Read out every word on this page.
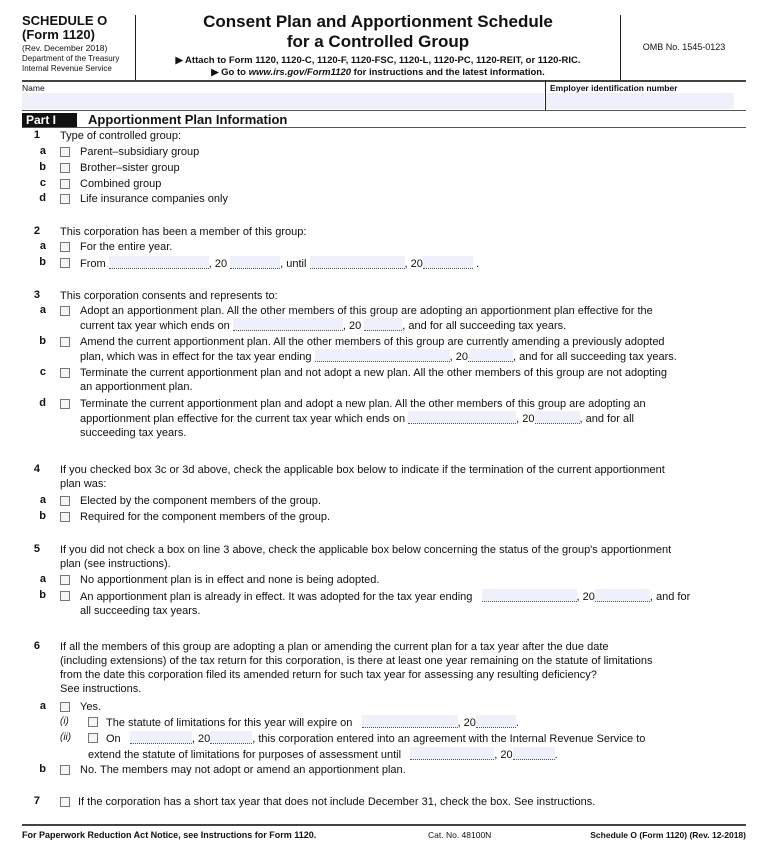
SCHEDULE O
(Form 1120)
(Rev. December 2018)
Department of the Treasury
Internal Revenue Service
Consent Plan and Apportionment Schedule
for a Controlled Group
▶ Attach to Form 1120, 1120-C, 1120-F, 1120-FSC, 1120-L, 1120-PC, 1120-REIT, or 1120-RIC.
▶ Go to www.irs.gov/Form1120 for instructions and the latest information.
OMB No. 1545-0123
Name	Employer identification number
Part I	Apportionment Plan Information
1 Type of controlled group:
a	Parent–subsidiary group
b	Brother–sister group
c	Combined group
d	Life insurance companies only
2 This corporation has been a member of this group:
a	For the entire year.
b	From	, 20	, until	, 20	.
3 This corporation consents and represents to:
a	Adopt an apportionment plan. All the other members of this group are adopting an apportionment plan effective for the
current tax year which ends on	, 20	, and for all succeeding tax years.
b	Amend the current apportionment plan. All the other members of this group are currently amending a previously adopted
plan, which was in effect for the tax year ending	, 20	, and for all succeeding tax years.
c	Terminate the current apportionment plan and not adopt a new plan. All the other members of this group are not adopting
an apportionment plan.
d	Terminate the current apportionment plan and adopt a new plan. All the other members of this group are adopting an
apportionment plan effective for the current tax year which ends on	, 20	, and for all
succeeding tax years.
4 If you checked box 3c or 3d above, check the applicable box below to indicate if the termination of the current apportionment
plan was:
a	Elected by the component members of the group.
b	Required for the component members of the group.
5 If you did not check a box on line 3 above, check the applicable box below concerning the status of the group's apportionment
plan (see instructions).
a	No apportionment plan is in effect and none is being adopted.
b	An apportionment plan is already in effect. It was adopted for the tax year ending	, 20	, and for
all succeeding tax years.
6 If all the members of this group are adopting a plan or amending the current plan for a tax year after the due date
(including extensions) of the tax return for this corporation, is there at least one year remaining on the statute of limitations
from the date this corporation filed its amended return for such tax year for assessing any resulting deficiency?
See instructions.
a	Yes.
(i)	The statute of limitations for this year will expire on	, 20	.
(ii)	On	, 20	, this corporation entered into an agreement with the Internal Revenue Service to
extend the statute of limitations for purposes of assessment until	, 20	.
b	No. The members may not adopt or amend an apportionment plan.
7	If the corporation has a short tax year that does not include December 31, check the box. See instructions.
For Paperwork Reduction Act Notice, see Instructions for Form 1120.	Cat. No. 48100N	Schedule O (Form 1120) (Rev. 12-2018)
